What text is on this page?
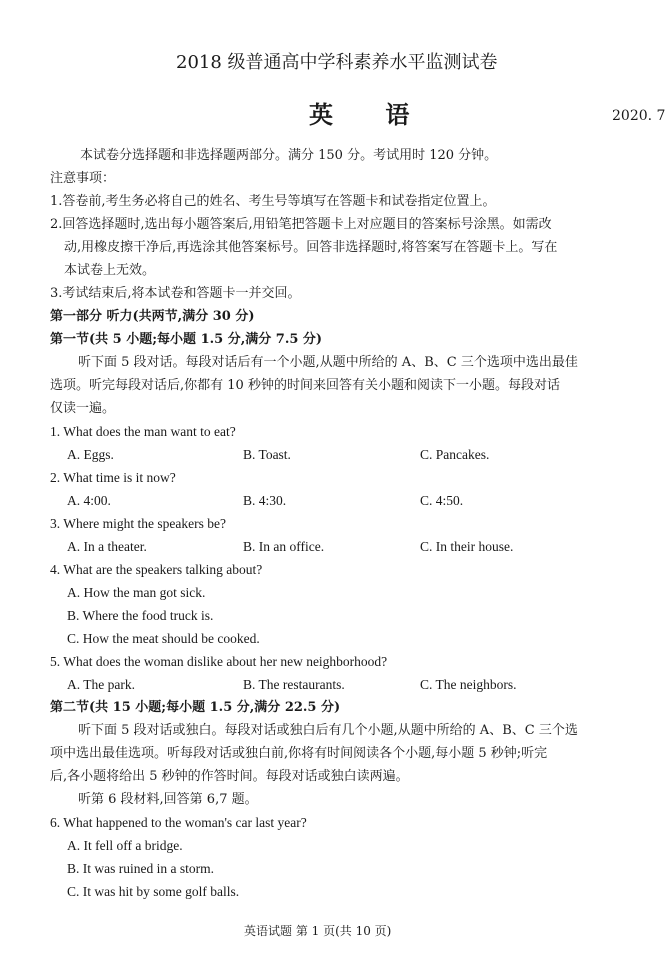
2018 级普通高中学科素养水平监测试卷
英 语	2020. 7
本试卷分选择题和非选择题两部分。满分 150 分。考试用时 120 分钟。
注意事项：
1.答卷前,考生务必将自己的姓名、考生号等填写在答题卡和试卷指定位置上。
2.回答选择题时,选出每小题答案后,用铅笔把答题卡上对应题目的答案标号涂黑。如需改
动,用橡皮擦干净后,再选涂其他答案标号。回答非选择题时,将答案写在答题卡上。写在
本试卷上无效。
3.考试结束后,将本试卷和答题卡一并交回。
第一部分 听力(共两节,满分 30 分)
第一节(共 5 小题;每小题 1.5 分,满分 7.5 分)
听下面 5 段对话。每段对话后有一个小题,从题中所给的 A、B、C 三个选项中选出最佳
选项。听完每段对话后,你都有 10 秒钟的时间来回答有关小题和阅读下一小题。每段对话
仅读一遍。
1. What does the man want to eat?
A. Eggs.	B. Toast.	C. Pancakes.
2. What time is it now?
A. 4:00.	B. 4:30.	C. 4:50.
3. Where might the speakers be?
A. In a theater.	B. In an office.	C. In their house.
4. What are the speakers talking about?
A. How the man got sick.
B. Where the food truck is.
C. How the meat should be cooked.
5. What does the woman dislike about her new neighborhood?
A. The park.	B. The restaurants.	C. The neighbors.
第二节(共 15 小题;每小题 1.5 分,满分 22.5 分)
听下面 5 段对话或独白。每段对话或独白后有几个小题,从题中所给的 A、B、C 三个选
项中选出最佳选项。听每段对话或独白前,你将有时间阅读各个小题,每小题 5 秒钟;听完
后,各小题将给出 5 秒钟的作答时间。每段对话或独白读两遍。
听第 6 段材料,回答第 6,7 题。
6. What happened to the woman's car last year?
A. It fell off a bridge.
B. It was ruined in a storm.
C. It was hit by some golf balls.
英语试题 第 1 页(共 10 页)
